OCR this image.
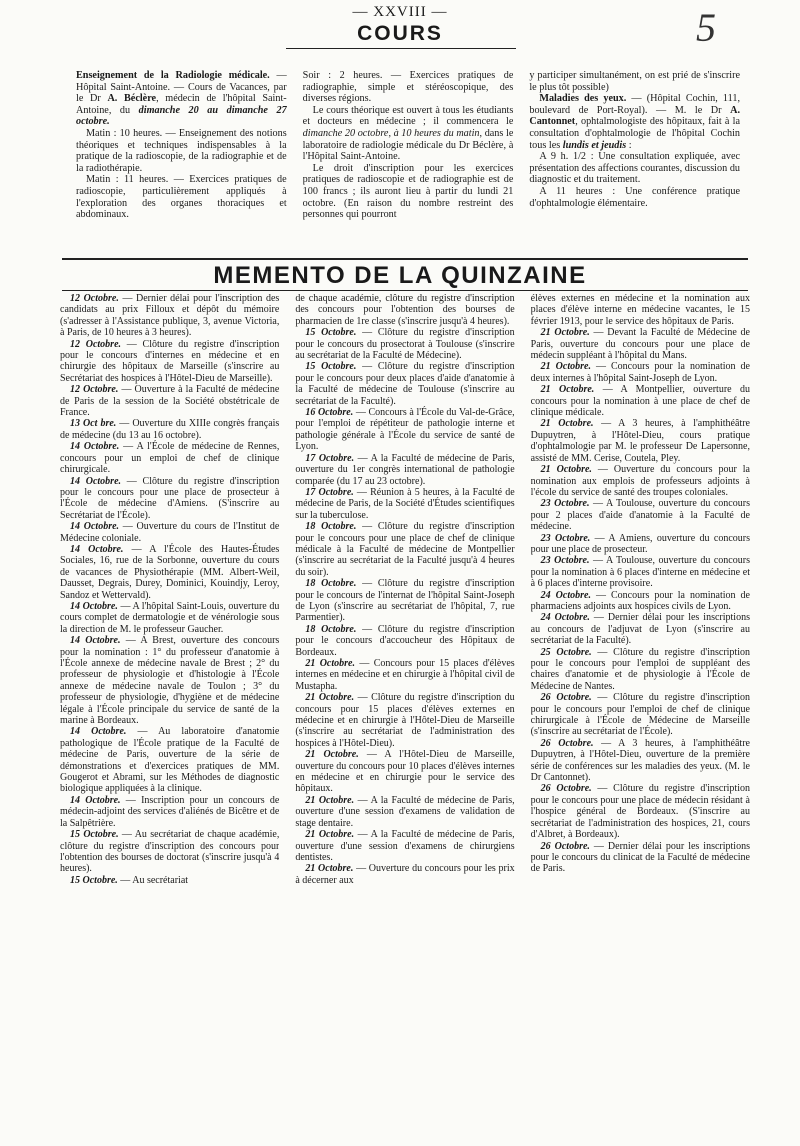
— XXVIII —	5
COURS

Enseignement de la Radiologie médicale. — Hôpital Saint-Antoine. — Cours de Vacances, par le Dr A. Béclère, médecin de l'hôpital Saint-Antoine, du dimanche 20 au dimanche 27 octobre.

Matin : 10 heures. — Enseignement des notions théoriques et techniques indispensables à la pratique de la radioscopie, de la radiographie et de la radiothérapie.

Matin : 11 heures. — Exercices pratiques de radioscopie, particulièrement appliqués à l'exploration des organes thoraciques et abdominaux.

Soir : 2 heures. — Exercices pratiques de radiographie, simple et stéréoscopique, des diverses régions.

Le cours théorique est ouvert à tous les étudiants et docteurs en médecine ; il commencera le dimanche 20 octobre, à 10 heures du matin, dans le laboratoire de radiologie médicale du Dr Béclère, à l'Hôpital Saint-Antoine.

Le droit d'inscription pour les exercices pratiques de radioscopie et de radiographie est de 100 francs ; ils auront lieu à partir du lundi 21 octobre. (En raison du nombre restreint des personnes qui pourront

y participer simultanément, on est prié de s'inscrire le plus tôt possible)

Maladies des yeux. — (Hôpital Cochin, 111, boulevard de Port-Royal). — M. le Dr A. Cantonnet, ophtalmologiste des hôpitaux, fait à la consultation d'ophtalmologie de l'hôpital Cochin tous les lundis et jeudis :

A 9 h. 1/2 : Une consultation expliquée, avec présentation des affections courantes, discussion du diagnostic et du traitement.

A 11 heures : Une conférence pratique d'ophtalmologie élémentaire.

MEMENTO DE LA QUINZAINE

12 Octobre. — Dernier délai pour l'inscription des candidats au prix Filloux et dépôt du mémoire (s'adresser à l'Assistance publique, 3, avenue Victoria, à Paris, de 10 heures à 3 heures).

12 Octobre. — Clôture du registre d'inscription pour le concours d'internes en médecine et en chirurgie des hôpitaux de Marseille (s'inscrire au Secrétariat des hospices à l'Hôtel-Dieu de Marseille).

12 Octobre. — Ouverture à la Faculté de médecine de Paris de la session de la Société obstétricale de France.

13 Oct bre. — Ouverture du XIIIe congrès français de médecine (du 13 au 16 octobre).

14 Octobre. — A l'École de médecine de Rennes, concours pour un emploi de chef de clinique chirurgicale.

14 Octobre. — Clôture du registre d'inscription pour le concours pour une place de prosecteur à l'École de médecine d'Amiens. (S'inscrire au Secrétariat de l'École).

14 Octobre. — Ouverture du cours de l'Institut de Médecine coloniale.

14 Octobre. — A l'École des Hautes-Études Sociales, 16, rue de la Sorbonne, ouverture du cours de vacances de Physiothérapie (MM. Albert-Weil, Dausset, Degrais, Durey, Dominici, Kouindjy, Leroy, Sandoz et Wettervald).

14 Octobre. — A l'hôpital Saint-Louis, ouverture du cours complet de dermatologie et de vénérologie sous la direction de M. le professeur Gaucher.

14 Octobre. — A Brest, ouverture des concours pour la nomination : 1° du professeur d'anatomie à l'École annexe de médecine navale de Brest ; 2° du professeur de physiologie et d'histologie à l'École annexe de médecine navale de Toulon ; 3° du professeur de physiologie, d'hygiène et de médecine légale à l'École principale du service de santé de la marine à Bordeaux.

14 Octobre. — Au laboratoire d'anatomie pathologique de l'École pratique de la Faculté de médecine de Paris, ouverture de la série de démonstrations et d'exercices pratiques de MM. Gougerot et Abrami, sur les Méthodes de diagnostic biologique appliquées à la clinique.

14 Octobre. — Inscription pour un concours de médecin-adjoint des services d'aliénés de Bicêtre et de la Salpêtrière.

15 Octobre. — Au secrétariat de chaque académie, clôture du registre d'inscription des concours pour l'obtention des bourses de doctorat (s'inscrire jusqu'à 4 heures).

15 Octobre. — Au secrétariat

de chaque académie, clôture du registre d'inscription des concours pour l'obtention des bourses de pharmacien de 1re classe (s'inscrire jusqu'à 4 heures).

15 Octobre. — Clôture du registre d'inscription pour le concours du prosectorat à Toulouse (s'inscrire au secrétariat de la Faculté de Médecine).

15 Octobre. — Clôture du registre d'inscription pour le concours pour deux places d'aide d'anatomie à la Faculté de médecine de Toulouse (s'inscrire au secrétariat de la Faculté).

16 Octobre. — Concours à l'École du Val-de-Grâce, pour l'emploi de répétiteur de pathologie interne et pathologie générale à l'École du service de santé de Lyon.

17 Octobre. — A la Faculté de médecine de Paris, ouverture du 1er congrès international de pathologie comparée (du 17 au 23 octobre).

17 Octobre. — Réunion à 5 heures, à la Faculté de médecine de Paris, de la Société d'Études scientifiques sur la tuberculose.

18 Octobre. — Clôture du registre d'inscription pour le concours pour une place de chef de clinique médicale à la Faculté de médecine de Montpellier (s'inscrire au secrétariat de la Faculté jusqu'à 4 heures du soir).

18 Octobre. — Clôture du registre d'inscription pour le concours de l'internat de l'hôpital Saint-Joseph de Lyon (s'inscrire au secrétariat de l'hôpital, 7, rue Parmentier).

18 Octobre. — Clôture du registre d'inscription pour le concours d'accoucheur des Hôpitaux de Bordeaux.

21 Octobre. — Concours pour 15 places d'élèves internes en médecine et en chirurgie à l'hôpital civil de Mustapha.

21 Octobre. — Clôture du registre d'inscription du concours pour 15 places d'élèves externes en médecine et en chirurgie à l'Hôtel-Dieu de Marseille (s'inscrire au secrétariat de l'administration des hospices à l'Hôtel-Dieu).

21 Octobre. — A l'Hôtel-Dieu de Marseille, ouverture du concours pour 10 places d'élèves internes en médecine et en chirurgie pour le service des hôpitaux.

21 Octobre. — A la Faculté de médecine de Paris, ouverture d'une session d'examens de validation de stage dentaire.

21 Octobre. — A la Faculté de médecine de Paris, ouverture d'une session d'examens de chirurgiens dentistes.

21 Octobre. — Ouverture du concours pour les prix à décerner aux

élèves externes en médecine et la nomination aux places d'élève interne en médecine vacantes, le 15 février 1913, pour le service des hôpitaux de Paris.

21 Octobre. — Devant la Faculté de Médecine de Paris, ouverture du concours pour une place de médecin suppléant à l'hôpital du Mans.

21 Octobre. — Concours pour la nomination de deux internes à l'hôpital Saint-Joseph de Lyon.

21 Octobre. — A Montpellier, ouverture du concours pour la nomination à une place de chef de clinique médicale.

21 Octobre. — A 3 heures, à l'amphithéâtre Dupuytren, à l'Hôtel-Dieu, cours pratique d'ophtalmologie par M. le professeur De Lapersonne, assisté de MM. Cerise, Coutela, Pley.

21 Octobre. — Ouverture du concours pour la nomination aux emplois de professeurs adjoints à l'école du service de santé des troupes coloniales.

23 Octobre. — A Toulouse, ouverture du concours pour 2 places d'aide d'anatomie à la Faculté de médecine.

23 Octobre. — A Amiens, ouverture du concours pour une place de prosecteur.

23 Octobre. — A Toulouse, ouverture du concours pour la nomination à 6 places d'interne en médecine et à 6 places d'interne provisoire.

24 Octobre. — Concours pour la nomination de pharmaciens adjoints aux hospices civils de Lyon.

24 Octobre. — Dernier délai pour les inscriptions au concours de l'adjuvat de Lyon (s'inscrire au secrétariat de la Faculté).

25 Octobre. — Clôture du registre d'inscription pour le concours pour l'emploi de suppléant des chaires d'anatomie et de physiologie à l'École de Médecine de Nantes.

26 Octobre. — Clôture du registre d'inscription pour le concours pour l'emploi de chef de clinique chirurgicale à l'École de Médecine de Marseille (s'inscrire au secrétariat de l'École).

26 Octobre. — A 3 heures, à l'amphithéâtre Dupuytren, à l'Hôtel-Dieu, ouverture de la première série de conférences sur les maladies des yeux. (M. le Dr Cantonnet).

26 Octobre. — Clôture du registre d'inscription pour le concours pour une place de médecin résidant à l'hospice général de Bordeaux. (S'inscrire au secrétariat de l'administration des hospices, 21, cours d'Albret, à Bordeaux).

26 Octobre. — Dernier délai pour les inscriptions pour le concours du clinicat de la Faculté de médecine de Paris.
